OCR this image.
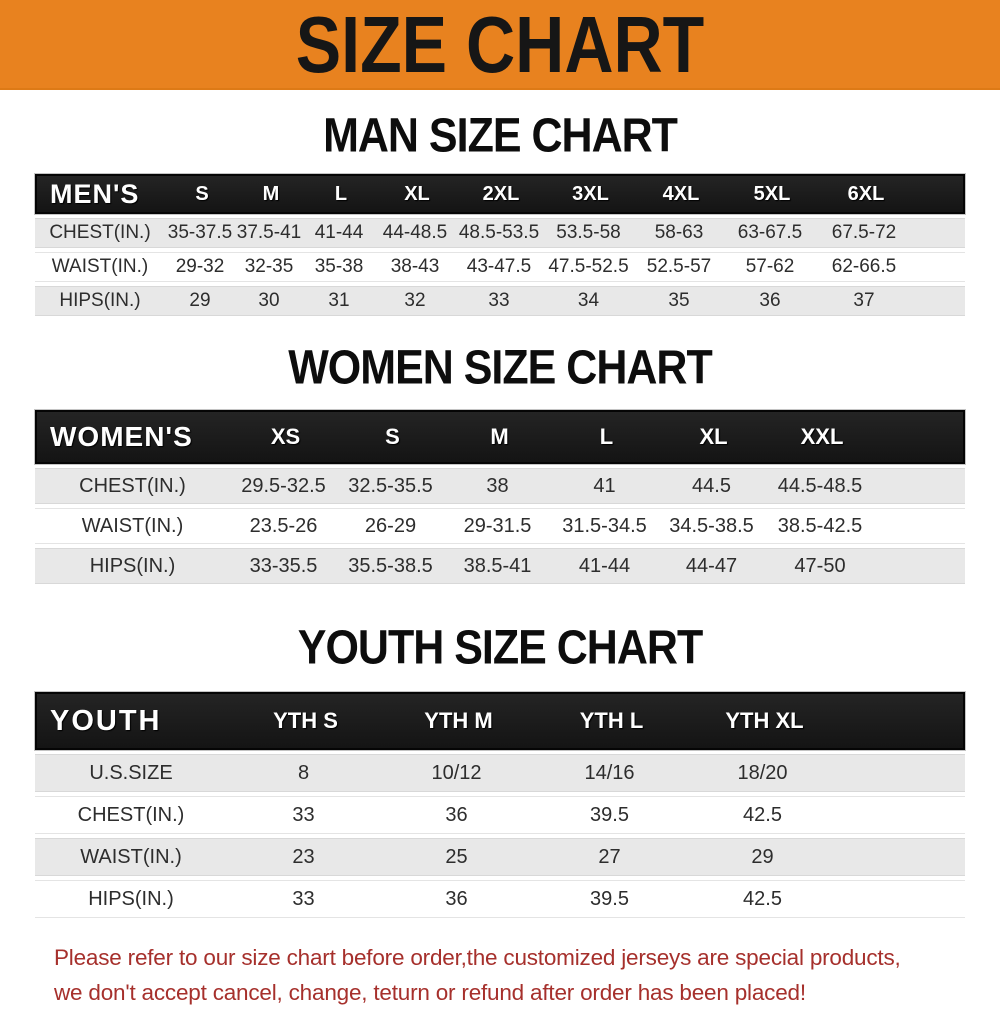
SIZE CHART
MAN SIZE CHART
MEN'S	S	M	L	XL	2XL	3XL	4XL	5XL	6XL
CHEST(IN.) 35-37.5 37.5-41 41-44	44-48.5 48.5-53.5 53.5-58	58-63	63-67.5	67.5-72
WAIST(IN.)	29-32	32-35	35-38	38-43	43-47.5 47.5-52.5 52.5-57	57-62	62-66.5
HIPS(IN.)	29	30	31	32	33	34	35	36	37
WOMEN SIZE CHART
WOMEN'S	XS	S	M	L	XL	XXL
CHEST(IN.)	29.5-32.5	32.5-35.5	38	41	44.5	44.5-48.5
WAIST(IN.)	23.5-26	26-29	29-31.5	31.5-34.5	34.5-38.5	38.5-42.5
HIPS(IN.)	33-35.5	35.5-38.5	38.5-41	41-44	44-47	47-50
YOUTH SIZE CHART
YOUTH	YTH S	YTH M	YTH L	YTH XL
U.S.SIZE	8	10/12	14/16	18/20
CHEST(IN.)	33	36	39.5	42.5
WAIST(IN.)	23	25	27	29
HIPS(IN.)	33	36	39.5	42.5
Please refer to our size chart before order,the customized jerseys are special products,
we don't accept cancel, change, teturn or refund after order has been placed!
